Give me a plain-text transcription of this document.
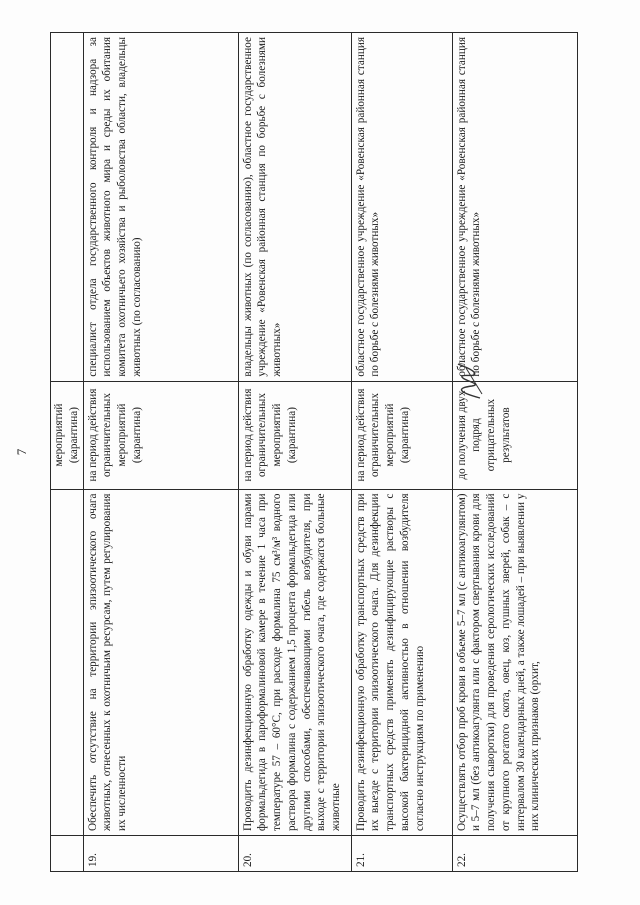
7
		мероприятий (карантина)	
19.	Обеспечить отсутствие на территории эпизоотического очага животных, отнесенных к охотничьим ресурсам, путем регулирования их численности	на период действия ограничительных мероприятий (карантина)	специалист отдела государственного контроля и надзора за использованием объектов животного мира и среды их обитания комитета охотничьего хозяйства и рыболовства области, владельцы животных (по согласованию)
20.	Проводить дезинфекционную обработку одежды и обуви парами формальдегида в пароформалиновой камере в течение 1 часа при температуре 57 – 60°С, при расходе формалина 75 см³/м³ водного раствора формалина с содержанием 1,5 процента формальдегида или другими способами, обеспечивающими гибель возбудителя, при выходе с территории эпизоотического очага, где содержатся больные животные	на период действия ограничительных мероприятий (карантина)	владельцы животных (по согласованию), областное государственное учреждение «Ровенская районная станция по борьбе с болезнями животных»
21.	Проводить дезинфекционную обработку транспортных средств при их выезде с территории эпизоотического очага. Для дезинфекции транспортных средств применять дезинфицирующие растворы с высокой бактерицидной активностью в отношении возбудителя согласно инструкциям по применению	на период действия ограничительных мероприятий (карантина)	областное государственное учреждение «Ровенская районная станция по борьбе с болезнями животных»
22.	Осуществлять отбор проб крови в объеме 5–7 мл (с антикоагулянтом) и 5–7 мл (без антикоагулянта или с фактором свертывания крови для получения сыворотки) для проведения серологических исследований от крупного рогатого скота, овец, коз, пушных зверей, собак – с интервалом 30 календарных дней, а также лошадей – при выявлении у них клинических признаков (орхит,	до получения двух подряд отрицательных результатов	областное государственное учреждение «Ровенская районная станция по борьбе с болезнями животных»
